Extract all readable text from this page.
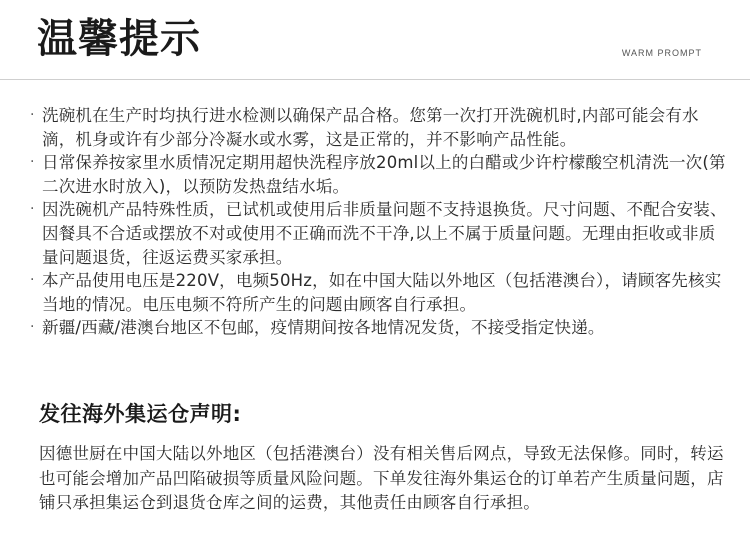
温馨提示	WARM PROMPT
· 洗碗机在生产时均执行进水检测以确保产品合格。您第一次打开洗碗机时,内部可能会有水滴，机身或许有少部分冷凝水或水雾，这是正常的，并不影响产品性能。
· 日常保养按家里水质情况定期用超快洗程序放20ml以上的白醋或少许柠檬酸空机清洗一次(第二次进水时放入)，以预防发热盘结水垢。
· 因洗碗机产品特殊性质，已试机或使用后非质量问题不支持退换货。尺寸问题、不配合安装、因餐具不合适或摆放不对或使用不正确而洗不干净,以上不属于质量问题。无理由拒收或非质量问题退货，往返运费买家承担。
· 本产品使用电压是220V，电频50Hz，如在中国大陆以外地区（包括港澳台），请顾客先核实当地的情况。电压电频不符所产生的问题由顾客自行承担。
· 新疆/西藏/港澳台地区不包邮，疫情期间按各地情况发货，不接受指定快递。
发往海外集运仓声明:

因德世厨在中国大陆以外地区（包括港澳台）没有相关售后网点，导致无法保修。同时，转运也可能会增加产品凹陷破损等质量风险问题。下单发往海外集运仓的订单若产生质量问题，店铺只承担集运仓到退货仓库之间的运费，其他责任由顾客自行承担。
